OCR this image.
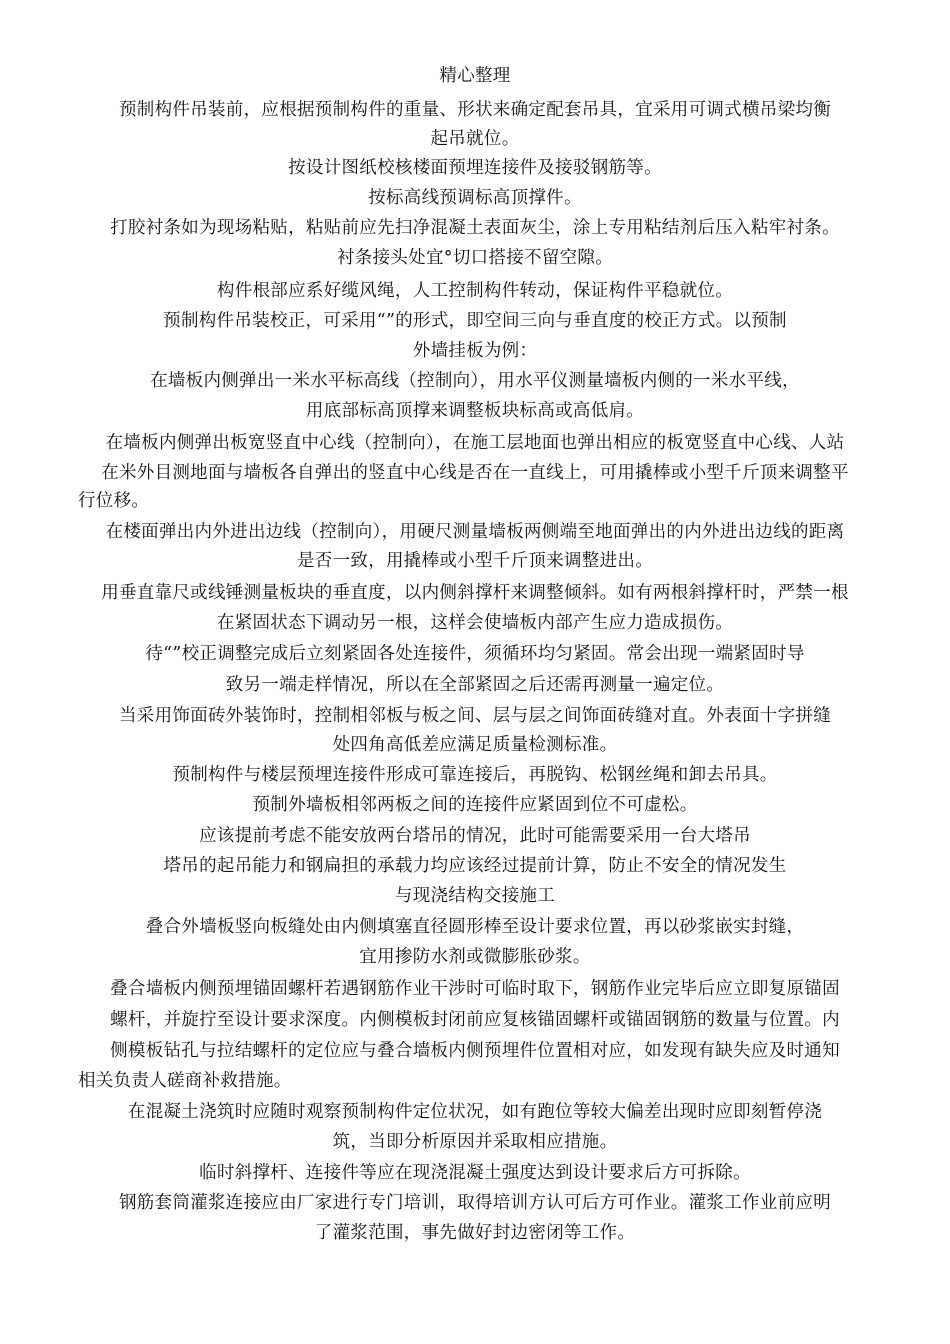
精心整理
预制构件吊装前，应根据预制构件的重量、形状来确定配套吊具，宜采用可调式横吊梁均衡
起吊就位。
按设计图纸校核楼面预埋连接件及接驳钢筋等。
按标高线预调标高顶撑件。
打胶衬条如为现场粘贴，粘贴前应先扫净混凝土表面灰尘，涂上专用粘结剂后压入粘牢衬条。
衬条接头处宜°切口搭接不留空隙。
构件根部应系好缆风绳，人工控制构件转动，保证构件平稳就位。
预制构件吊装校正，可采用“”的形式，即空间三向与垂直度的校正方式。以预制
外墙挂板为例：
在墙板内侧弹出一米水平标高线（控制向），用水平仪测量墙板内侧的一米水平线，
用底部标高顶撑来调整板块标高或高低肩。
在墙板内侧弹出板宽竖直中心线（控制向），在施工层地面也弹出相应的板宽竖直中心线、人站
在米外目测地面与墙板各自弹出的竖直中心线是否在一直线上，可用撬棒或小型千斤顶来调整平
行位移。
在楼面弹出内外进出边线（控制向），用硬尺测量墙板两侧端至地面弹出的内外进出边线的距离
是否一致，用撬棒或小型千斤顶来调整进出。
用垂直靠尺或线锤测量板块的垂直度，以内侧斜撑杆来调整倾斜。如有两根斜撑杆时，严禁一根
在紧固状态下调动另一根，这样会使墙板内部产生应力造成损伤。
待“”校正调整完成后立刻紧固各处连接件，须循环均匀紧固。常会出现一端紧固时导
致另一端走样情况，所以在全部紧固之后还需再测量一遍定位。
当采用饰面砖外装饰时，控制相邻板与板之间、层与层之间饰面砖缝对直。外表面十字拼缝
处四角高低差应满足质量检测标准。
预制构件与楼层预埋连接件形成可靠连接后，再脱钩、松钢丝绳和卸去吊具。
预制外墙板相邻两板之间的连接件应紧固到位不可虚松。
应该提前考虑不能安放两台塔吊的情况，此时可能需要采用一台大塔吊
塔吊的起吊能力和钢扁担的承载力均应该经过提前计算，防止不安全的情况发生
与现浇结构交接施工
叠合外墙板竖向板缝处由内侧填塞直径圆形棒至设计要求位置，再以砂浆嵌实封缝，
宜用掺防水剂或微膨胀砂浆。
叠合墙板内侧预埋锚固螺杆若遇钢筋作业干涉时可临时取下，钢筋作业完毕后应立即复原锚固
螺杆，并旋拧至设计要求深度。内侧模板封闭前应复核锚固螺杆或锚固钢筋的数量与位置。内
侧模板钻孔与拉结螺杆的定位应与叠合墙板内侧预埋件位置相对应，如发现有缺失应及时通知
相关负责人磋商补救措施。
在混凝土浇筑时应随时观察预制构件定位状况，如有跑位等较大偏差出现时应即刻暂停浇
筑，当即分析原因并采取相应措施。
临时斜撑杆、连接件等应在现浇混凝土强度达到设计要求后方可拆除。
钢筋套筒灌浆连接应由厂家进行专门培训，取得培训方认可后方可作业。灌浆工作业前应明
了灌浆范围，事先做好封边密闭等工作。
